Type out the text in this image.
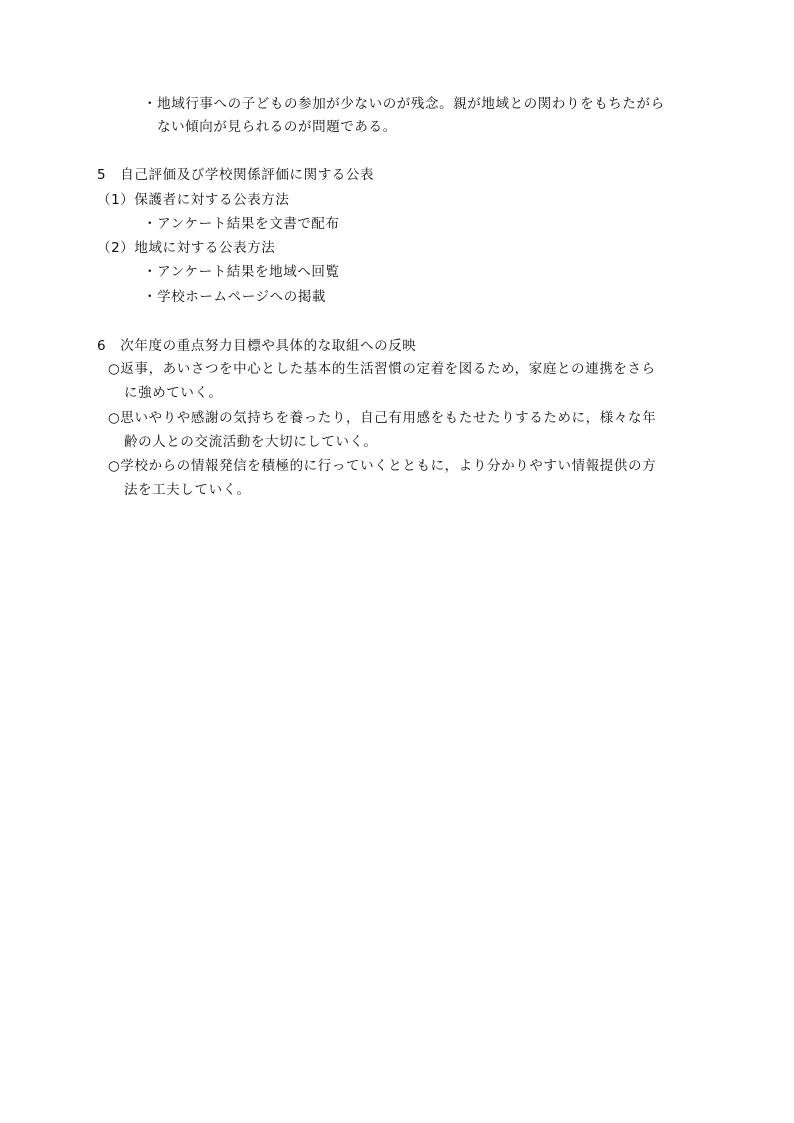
・地域行事への子どもの参加が少ないのが残念。親が地域との関わりをもちたがら
ない傾向が見られるのが問題である。
5　自己評価及び学校関係評価に関する公表
（1）保護者に対する公表方法
・アンケート結果を文書で配布
（2）地域に対する公表方法
・アンケート結果を地域へ回覧
・学校ホームページへの掲載
6　次年度の重点努力目標や具体的な取組への反映
○返事，あいさつを中心とした基本的生活習慣の定着を図るため，家庭との連携をさら
に強めていく。
○思いやりや感謝の気持ちを養ったり，自己有用感をもたせたりするために，様々な年
齢の人との交流活動を大切にしていく。
○学校からの情報発信を積極的に行っていくとともに，より分かりやすい情報提供の方
法を工夫していく。
